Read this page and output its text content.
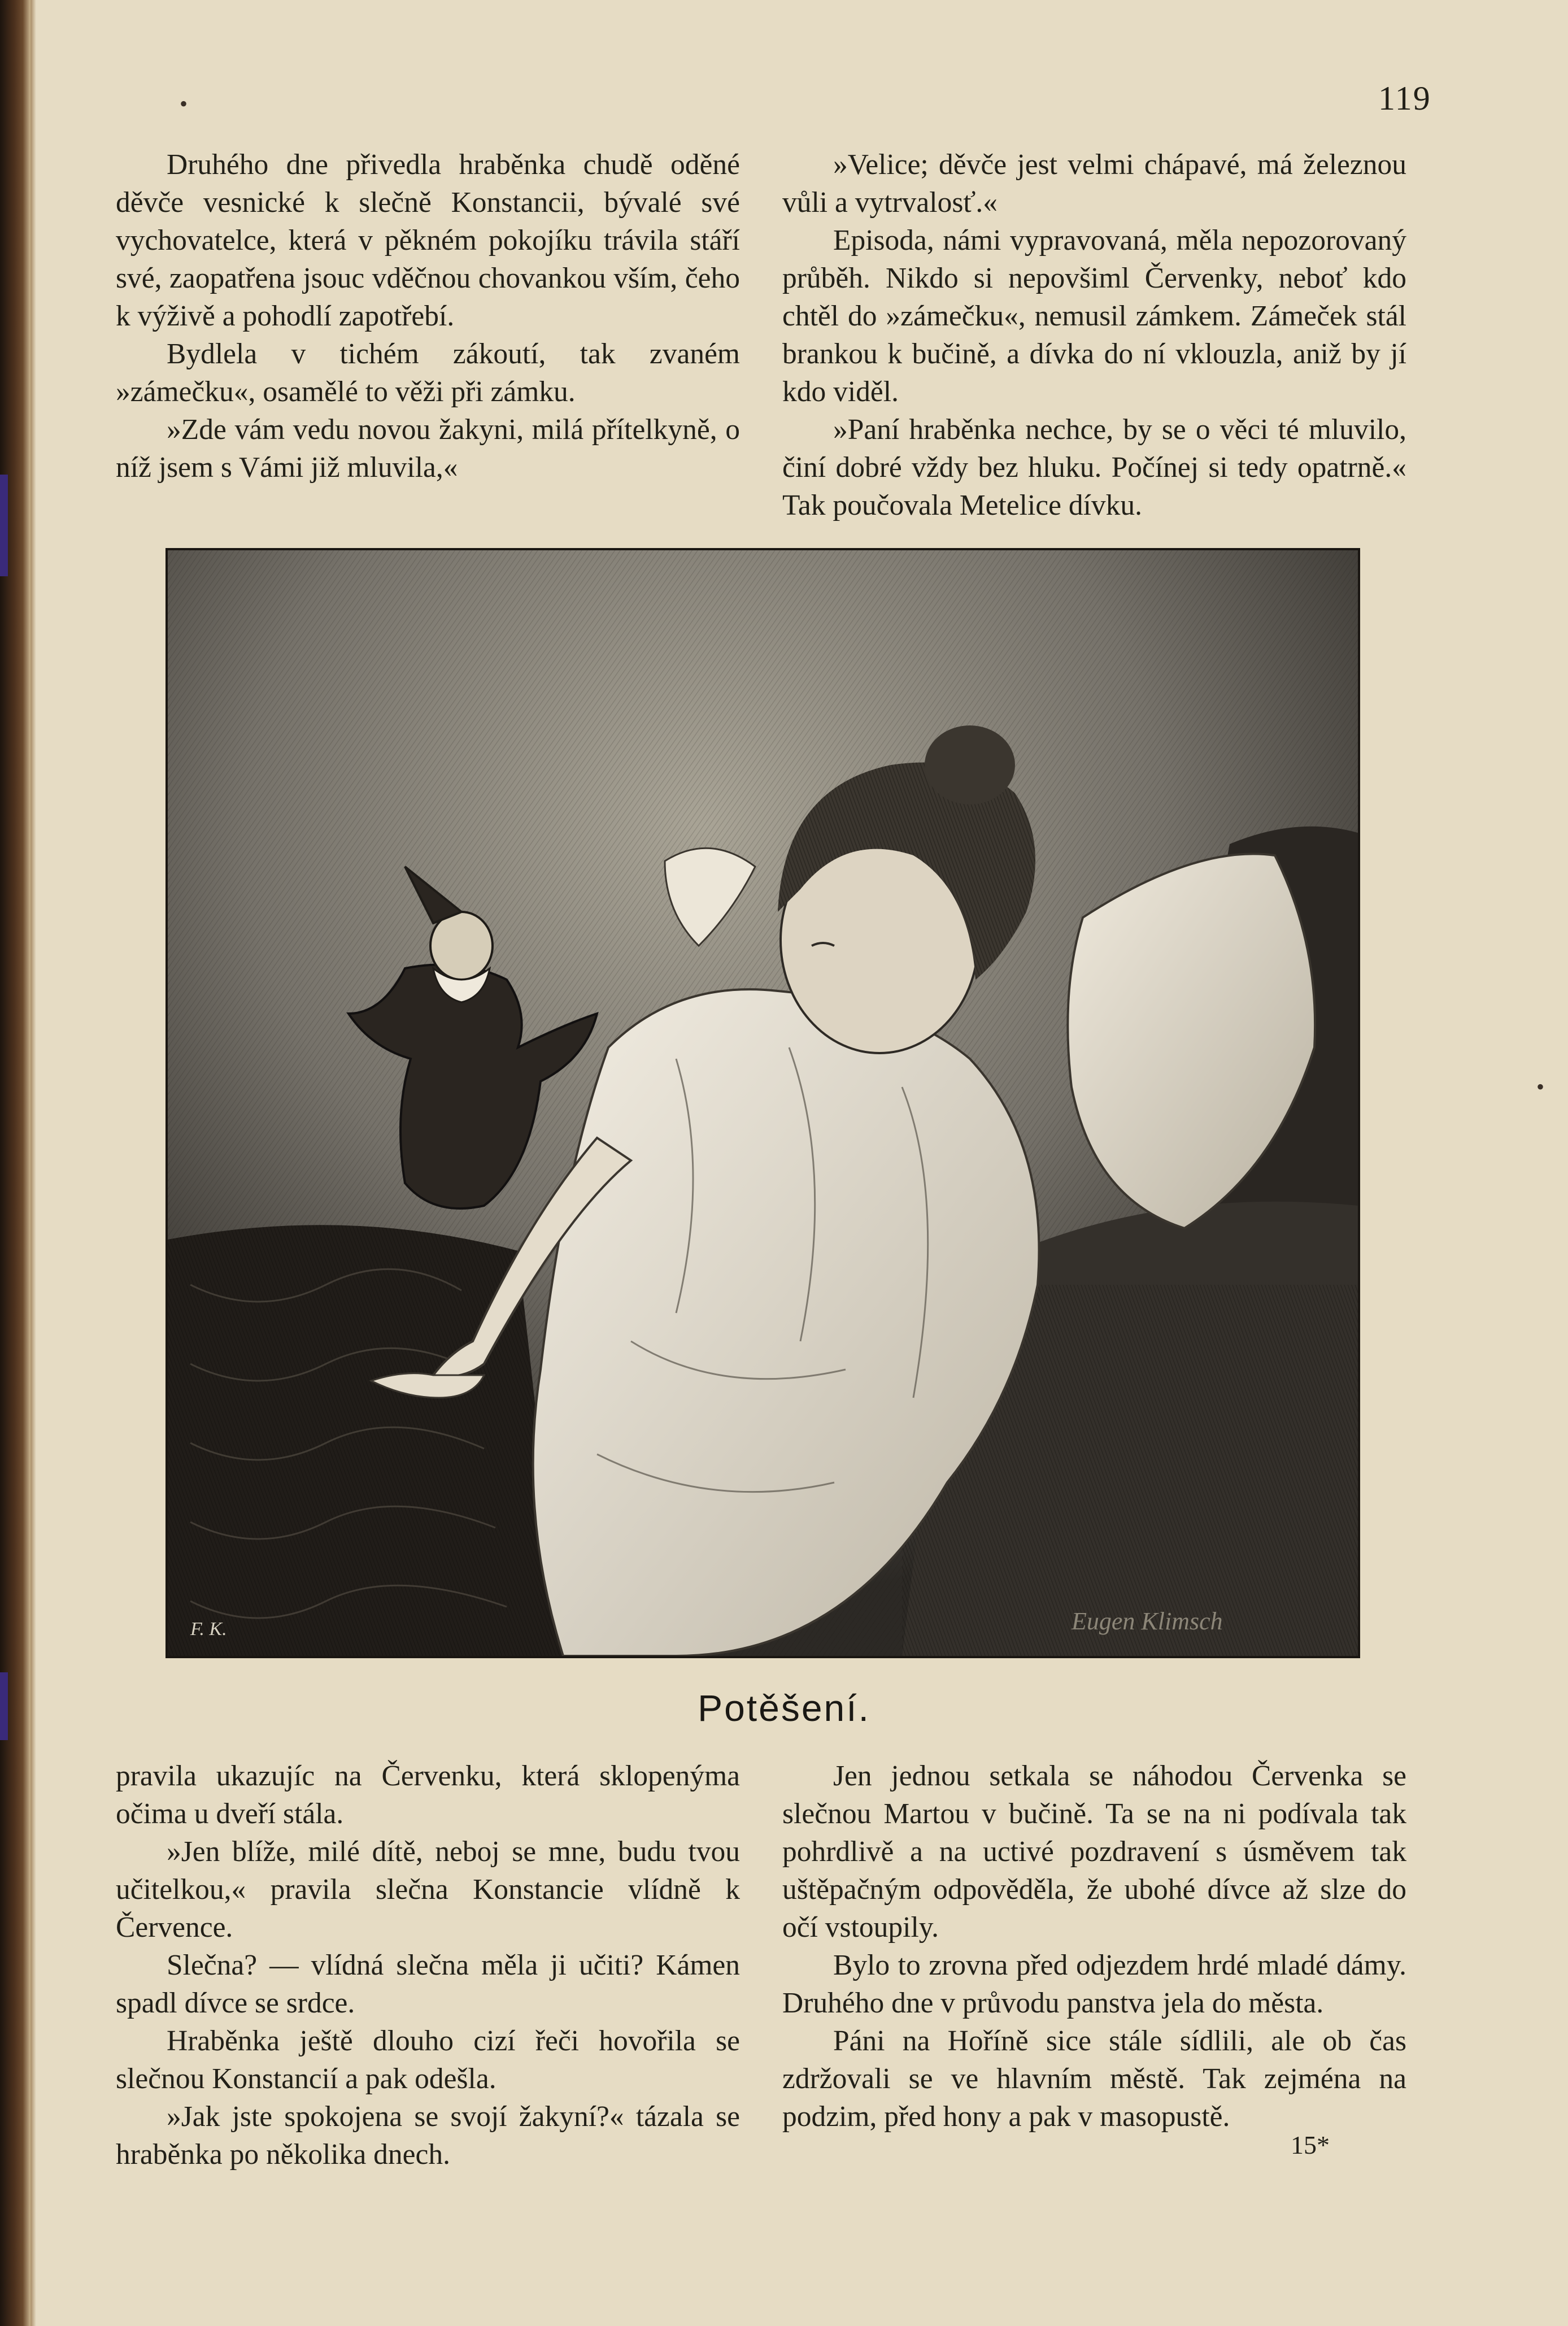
•
•
119

Druhého dne přivedla hraběnka chudě oděné děvče vesnické k slečně Konstancii, bývalé své vychovatelce, která v pěkném pokojíku trávila stáří své, zaopatřena jsouc vděčnou chovankou vším, čeho k výživě a pohodlí zapotřebí.

Bydlela v tichém zákoutí, tak zvaném »zámečku«, osamělé to věži při zámku.

»Zde vám vedu novou žakyni, milá přítelkyně, o níž jsem s Vámi již mluvila,«

»Velice; děvče jest velmi chápavé, má železnou vůli a vytrvalosť.«

Episoda, námi vypravovaná, měla nepozorovaný průběh. Nikdo si nepovšiml Červenky, neboť kdo chtěl do »zámečku«, nemusil zámkem. Zámeček stál brankou k bučině, a dívka do ní vklouzla, aniž by jí kdo viděl.

»Paní hraběnka nechce, by se o věci té mluvilo, činí dobré vždy bez hluku. Počínej si tedy opatrně.« Tak poučovala Metelice dívku.

F. K.	Eugen Klimsch
Potěšení.

pravila ukazujíc na Červenku, která sklopenýma očima u dveří stála.

»Jen blíže, milé dítě, neboj se mne, budu tvou učitelkou,« pravila slečna Konstancie vlídně k Července.

Slečna? — vlídná slečna měla ji učiti? Kámen spadl dívce se srdce.

Hraběnka ještě dlouho cizí řeči hovořila se slečnou Konstancií a pak odešla.

»Jak jste spokojena se svojí žakyní?« tázala se hraběnka po několika dnech.

Jen jednou setkala se náhodou Červenka se slečnou Martou v bučině. Ta se na ni podívala tak pohrdlivě a na uctivé pozdravení s úsměvem tak uštěpačným odpověděla, že ubohé dívce až slze do očí vstoupily.

Bylo to zrovna před odjezdem hrdé mladé dámy. Druhého dne v průvodu panstva jela do města.

Páni na Hoříně sice stále sídlili, ale ob čas zdržovali se ve hlavním městě. Tak zejména na podzim, před hony a pak v masopustě.

15*
